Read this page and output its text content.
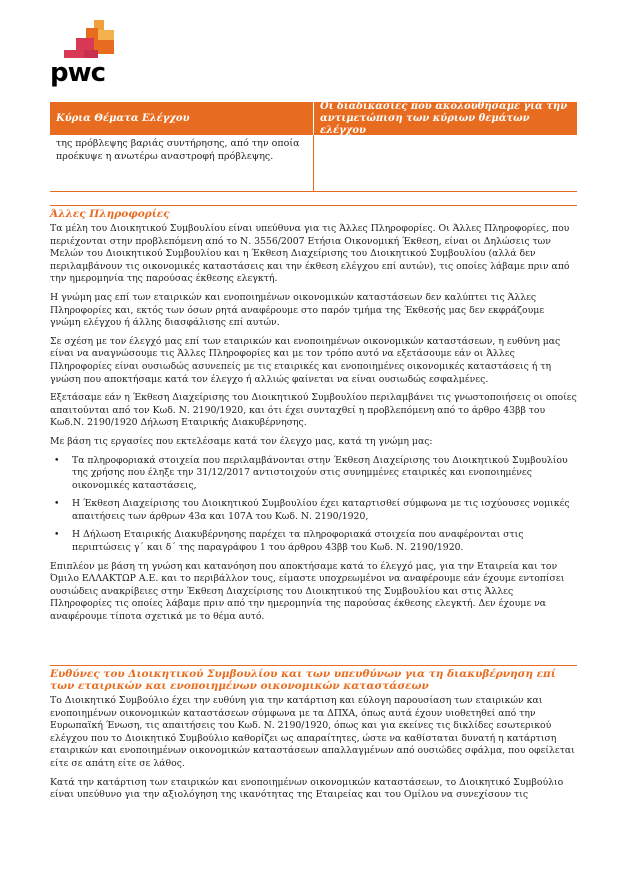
pwc
Κύρια Θέματα Ελέγχου
Οι διαδικασίες που ακολουθήσαμε για την αντιμετώπιση των κύριων θεμάτων ελέγχου
της πρόβλεψης βαριάς συντήρησης, από την οποία προέκυψε η ανωτέρω αναστροφή πρόβλεψης.
Άλλες Πληροφορίες

Τα μέλη του Διοικητικού Συμβουλίου είναι υπεύθυνα για τις Άλλες Πληροφορίες. Οι Άλλες Πληροφορίες, που περιέχονται στην προβλεπόμενη από το Ν. 3556/2007 Ετήσια Οικονομική Έκθεση, είναι οι Δηλώσεις των Μελών του Διοικητικού Συμβουλίου και η Έκθεση Διαχείρισης του Διοικητικού Συμβουλίου (αλλά δεν περιλαμβάνουν τις οικονομικές καταστάσεις και την έκθεση ελέγχου επί αυτών), τις οποίες λάβαμε πριν από την ημερομηνία της παρούσας έκθεσης ελεγκτή.

Η γνώμη μας επί των εταιρικών και ενοποιημένων οικονομικών καταστάσεων δεν καλύπτει τις Άλλες Πληροφορίες και, εκτός των όσων ρητά αναφέρουμε στο παρόν τμήμα της Έκθεσής μας δεν εκφράζουμε γνώμη ελέγχου ή άλλης διασφάλισης επί αυτών.

Σε σχέση με τον έλεγχό μας επί των εταιρικών και ενοποιημένων οικονομικών καταστάσεων, η ευθύνη μας είναι να αναγνώσουμε τις Άλλες Πληροφορίες και με τον τρόπο αυτό να εξετάσουμε εάν οι Άλλες Πληροφορίες είναι ουσιωδώς ασυνεπείς με τις εταιρικές και ενοποιημένες οικονομικές καταστάσεις ή τη γνώση που αποκτήσαμε κατά τον έλεγχο ή αλλιώς φαίνεται να είναι ουσιωδώς εσφαλμένες.

Εξετάσαμε εάν η Έκθεση Διαχείρισης του Διοικητικού Συμβουλίου περιλαμβάνει τις γνωστοποιήσεις οι οποίες απαιτούνται από τον Κωδ. Ν. 2190/1920, και ότι έχει συνταχθεί η προβλεπόμενη από το άρθρο 43ββ του Κωδ.Ν. 2190/1920 Δήλωση Εταιρικής Διακυβέρνησης.

Με βάση τις εργασίες που εκτελέσαμε κατά τον έλεγχο μας, κατά τη γνώμη μας:

• Τα πληροφοριακά στοιχεία που περιλαμβάνονται στην Έκθεση Διαχείρισης του Διοικητικού Συμβουλίου της χρήσης που έληξε την 31/12/2017 αντιστοιχούν στις συνημμένες εταιρικές και ενοποιημένες οικονομικές καταστάσεις,
• Η Έκθεση Διαχείρισης του Διοικητικού Συμβουλίου έχει καταρτισθεί σύμφωνα με τις ισχύουσες νομικές απαιτήσεις των άρθρων 43α και 107Α του Κωδ. Ν. 2190/1920,
• Η Δήλωση Εταιρικής Διακυβέρνησης παρέχει τα πληροφοριακά στοιχεία που αναφέρονται στις περιπτώσεις γ΄ και δ΄ της παραγράφου 1 του άρθρου 43ββ του Κωδ. Ν. 2190/1920.

Επιπλέον με βάση τη γνώση και κατανόηση που αποκτήσαμε κατά το έλεγχό μας, για την Εταιρεία και τον Όμιλο ΕΛΛΑΚΤΩΡ Α.Ε. και το περιβάλλον τους, είμαστε υποχρεωμένοι να αναφέρουμε εάν έχουμε εντοπίσει ουσιώδεις ανακρίβειες στην Έκθεση Διαχείρισης του Διοικητικού της Συμβουλίου και στις Άλλες Πληροφορίες τις οποίες λάβαμε πριν από την ημερομηνία της παρούσας έκθεσης ελεγκτή. Δεν έχουμε να αναφέρουμε τίποτα σχετικά με το θέμα αυτό.

Ευθύνες του Διοικητικού Συμβουλίου και των υπευθύνων για τη διακυβέρνηση επί των εταιρικών και ενοποιημένων οικονομικών καταστάσεων

Το Διοικητικό Συμβούλιο έχει την ευθύνη για την κατάρτιση και εύλογη παρουσίαση των εταιρικών και ενοποιημένων οικονομικών καταστάσεων σύμφωνα με τα ΔΠΧΑ, όπως αυτά έχουν υιοθετηθεί από την Ευρωπαϊκή Ένωση, τις απαιτήσεις του Κωδ. Ν. 2190/1920, όπως και για εκείνες τις δικλίδες εσωτερικού ελέγχου που το Διοικητικό Συμβούλιο καθορίζει ως απαραίτητες, ώστε να καθίσταται δυνατή η κατάρτιση εταιρικών και ενοποιημένων οικονομικών καταστάσεων απαλλαγμένων από ουσιώδες σφάλμα, που οφείλεται είτε σε απάτη είτε σε λάθος.

Κατά την κατάρτιση των εταιρικών και ενοποιημένων οικονομικών καταστάσεων, το Διοικητικό Συμβούλιο είναι υπεύθυνο για την αξιολόγηση της ικανότητας της Εταιρείας και του Ομίλου να συνεχίσουν τις
